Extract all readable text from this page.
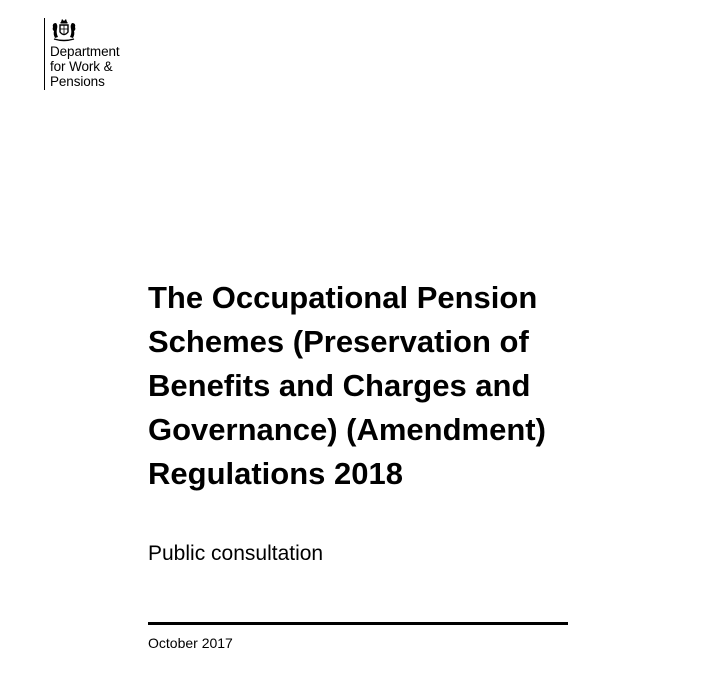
Department
for Work &
Pensions
The Occupational Pension
Schemes (Preservation of
Benefits and Charges and
Governance) (Amendment)
Regulations 2018
Public consultation
October 2017
